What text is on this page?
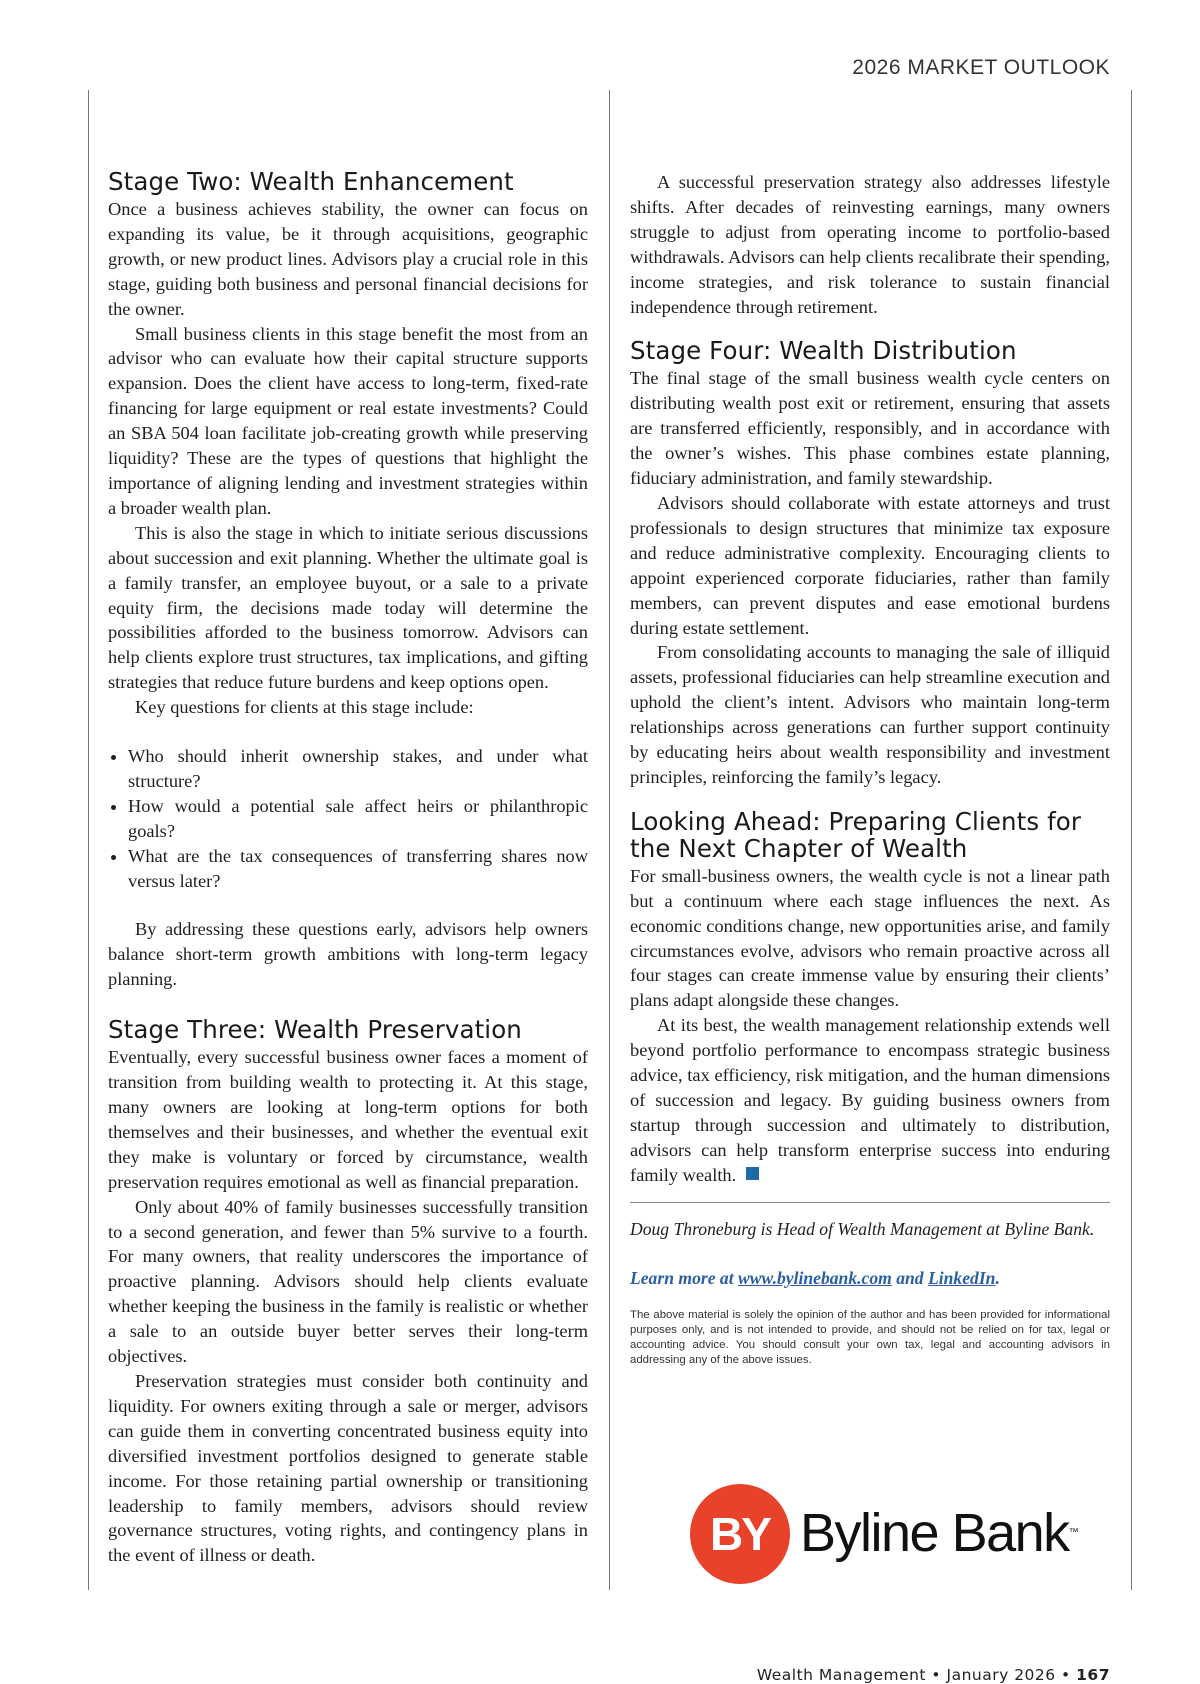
2026 MARKET OUTLOOK
Stage Two: Wealth Enhancement

Once a business achieves stability, the owner can focus on expanding its value, be it through acquisitions, geographic growth, or new product lines. Advisors play a crucial role in this stage, guiding both business and personal financial decisions for the owner.

Small business clients in this stage benefit the most from an advisor who can evaluate how their capital structure supports expansion. Does the client have access to long-term, fixed-rate financing for large equipment or real estate investments? Could an SBA 504 loan facilitate job-creating growth while preserving liquidity? These are the types of questions that highlight the importance of aligning lending and investment strategies within a broader wealth plan.

This is also the stage in which to initiate serious discussions about succession and exit planning. Whether the ultimate goal is a family transfer, an employee buyout, or a sale to a private equity firm, the decisions made today will determine the possibilities afforded to the business tomorrow. Advisors can help clients explore trust structures, tax implications, and gifting strategies that reduce future burdens and keep options open.

Key questions for clients at this stage include:

• Who should inherit ownership stakes, and under what structure?
• How would a potential sale affect heirs or philanthropic goals?
• What are the tax consequences of transferring shares now versus later?

By addressing these questions early, advisors help owners balance short-term growth ambitions with long-term legacy planning.

Stage Three: Wealth Preservation

Eventually, every successful business owner faces a moment of transition from building wealth to protecting it. At this stage, many owners are looking at long-term options for both themselves and their businesses, and whether the eventual exit they make is voluntary or forced by circumstance, wealth preservation requires emotional as well as financial preparation.

Only about 40% of family businesses successfully transition to a second generation, and fewer than 5% survive to a fourth. For many owners, that reality underscores the importance of proactive planning. Advisors should help clients evaluate whether keeping the business in the family is realistic or whether a sale to an outside buyer better serves their long-term objectives.

Preservation strategies must consider both continuity and liquidity. For owners exiting through a sale or merger, advisors can guide them in converting concentrated business equity into diversified investment portfolios designed to generate stable income. For those retaining partial ownership or transitioning leadership to family members, advisors should review governance structures, voting rights, and contingency plans in the event of illness or death.

A successful preservation strategy also addresses lifestyle shifts. After decades of reinvesting earnings, many owners struggle to adjust from operating income to portfolio-based withdrawals. Advisors can help clients recalibrate their spending, income strategies, and risk tolerance to sustain financial independence through retirement.

Stage Four: Wealth Distribution

The final stage of the small business wealth cycle centers on distributing wealth post exit or retirement, ensuring that assets are transferred efficiently, responsibly, and in accordance with the owner’s wishes. This phase combines estate planning, fiduciary administration, and family stewardship.

Advisors should collaborate with estate attorneys and trust professionals to design structures that minimize tax exposure and reduce administrative complexity. Encouraging clients to appoint experienced corporate fiduciaries, rather than family members, can prevent disputes and ease emotional burdens during estate settlement.

From consolidating accounts to managing the sale of illiquid assets, professional fiduciaries can help streamline execution and uphold the client’s intent. Advisors who maintain long-term relationships across generations can further support continuity by educating heirs about wealth responsibility and investment principles, reinforcing the family’s legacy.

Looking Ahead: Preparing Clients for the Next Chapter of Wealth

For small-business owners, the wealth cycle is not a linear path but a continuum where each stage influences the next. As economic conditions change, new opportunities arise, and family circumstances evolve, advisors who remain proactive across all four stages can create immense value by ensuring their clients’ plans adapt alongside these changes.

At its best, the wealth management relationship extends well beyond portfolio performance to encompass strategic business advice, tax efficiency, risk mitigation, and the human dimensions of succession and legacy. By guiding business owners from startup through succession and ultimately to distribution, advisors can help transform enterprise success into enduring family wealth.

Doug Throneburg is Head of Wealth Management at Byline Bank.

Learn more at www.bylinebank.com and LinkedIn.

The above material is solely the opinion of the author and has been provided for informational purposes only, and is not intended to provide, and should not be relied on for tax, legal or accounting advice. You should consult your own tax, legal and accounting advisors in addressing any of the above issues.

BY Byline Bank™
Wealth Management • January 2026 • 167
